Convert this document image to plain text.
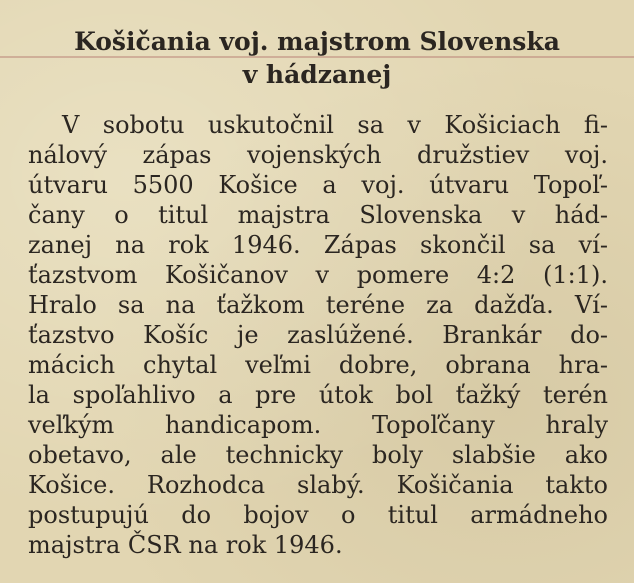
Košičania voj. majstrom Slovenska
v hádzanej
V sobotu uskutočnil sa v Košiciach fi-
nálový zápas vojenských družstiev voj.
útvaru 5500 Košice a voj. útvaru Topoľ-
čany o titul majstra Slovenska v hád-
zanej na rok 1946. Zápas skončil sa ví-
ťazstvom Košičanov v pomere 4:2 (1:1).
Hralo sa na ťažkom teréne za dažďa. Ví-
ťazstvo Košíc je zaslúžené. Brankár do-
mácich chytal veľmi dobre, obrana hra-
la spoľahlivo a pre útok bol ťažký terén
veľkým handicapom. Topoľčany hraly
obetavo, ale technicky boly slabšie ako
Košice. Rozhodca slabý. Košičania takto
postupujú do bojov o titul armádneho
majstra ČSR na rok 1946.
